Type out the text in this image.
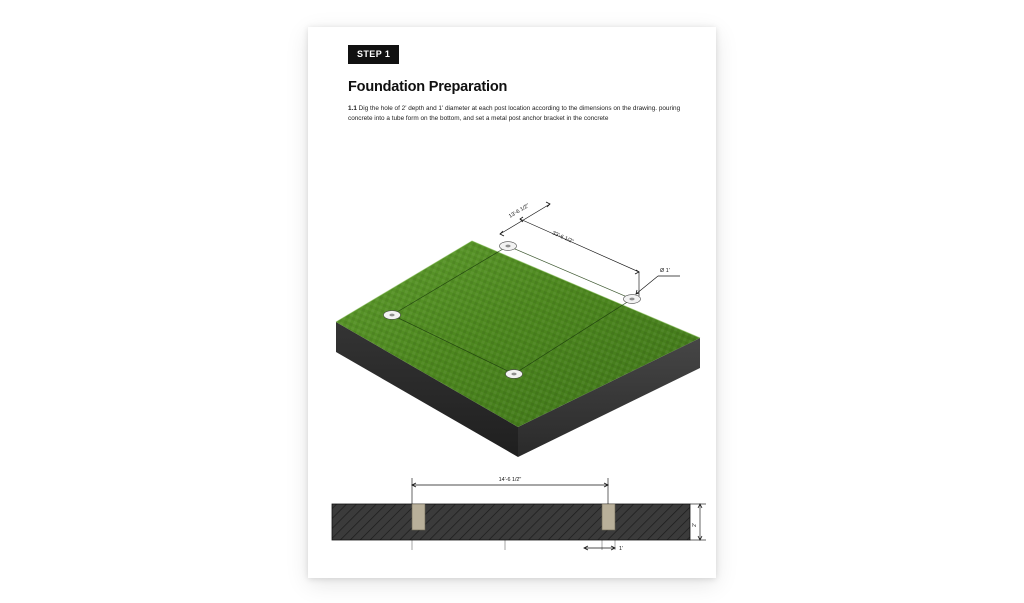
STEP 1
Foundation Preparation
1.1 Dig the hole of 2' depth and 1' diameter at each post location according to the dimensions on the drawing. pouring concrete into a tube form on the bottom, and set a metal post anchor bracket in the concrete
13'-6 1/2"
33'-6 1/2"
Ø 1'
14'-6 1/2"
2'
1'
